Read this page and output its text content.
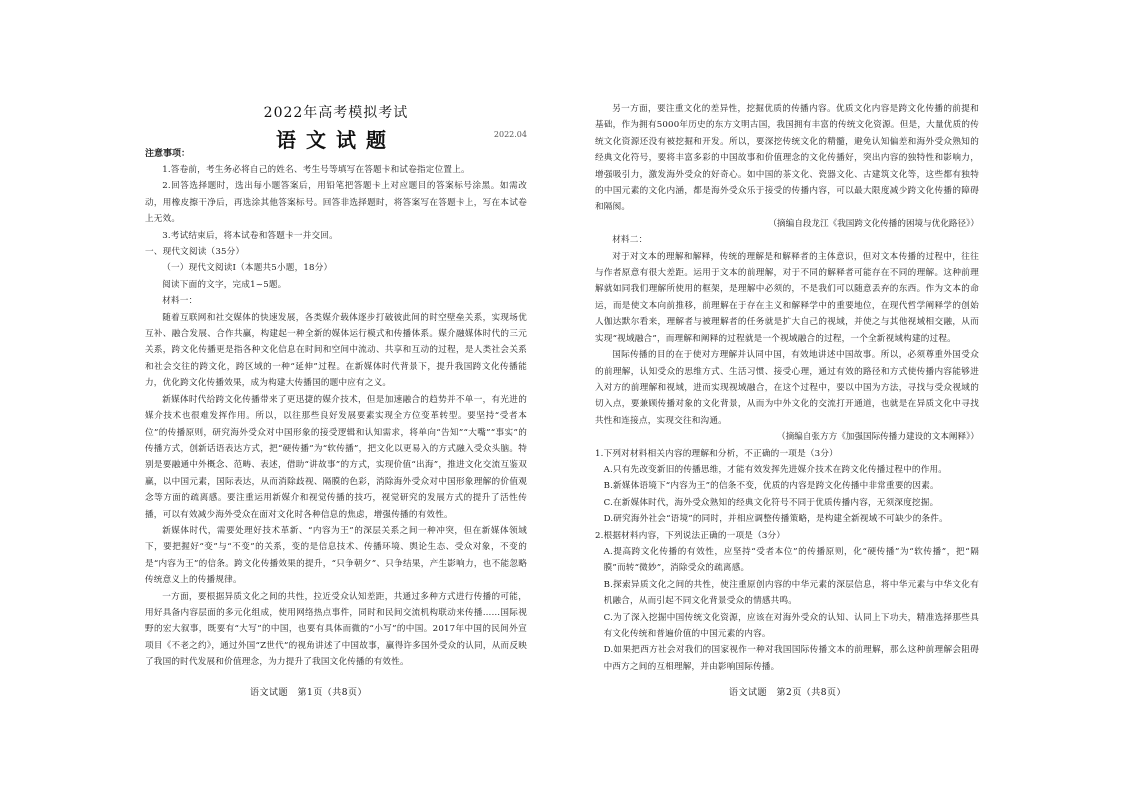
2022年高考模拟考试

语文试题	2022.04

注意事项：

1.答卷前，考生务必将自己的姓名、考生号等填写在答题卡和试卷指定位置上。

2.回答选择题时，选出每小题答案后，用铅笔把答题卡上对应题目的答案标号涂黑。如需改动，用橡皮擦干净后，再选涂其他答案标号。回答非选择题时，将答案写在答题卡上，写在本试卷上无效。

3.考试结束后，将本试卷和答题卡一并交回。

一、现代文阅读（35分）

（一）现代文阅读Ⅰ（本题共5小题，18分）

阅读下面的文字，完成1~5题。

材料一：

随着互联网和社交媒体的快速发展，各类媒介载体逐步打破彼此间的时空壁垒关系，实现场优互补、融合发展、合作共赢，构建起一种全新的媒体运行模式和传播体系。媒介融媒体时代的三元关系，跨文化传播更是指各种文化信息在时间和空间中流动、共享和互动的过程，是人类社会关系和社会交往的跨文化，跨区域的一种“延伸”过程。在新媒体时代背景下，提升我国跨文化传播能力，优化跨文化传播效果，成为构建大传播国的题中应有之义。

新媒体时代给跨文化传播带来了更迅捷的媒介技术，但是加速融合的趋势并不单一，有光进的媒介技术也很难发挥作用。所以，以往那些良好发展要素实现全方位变革转型。要坚持“受者本位”的传播原则，研究海外受众对中国形象的接受逻辑和认知需求，将单向“告知”“大嘴”“事实”的传播方式，创新话语表达方式，把“硬传播”为“软传播”，把文化以更易入的方式融入受众头脑。特别是要融通中外概念、范畴、表述，借助“讲故事”的方式，实现价值“出海”，推进文化交流互鉴双赢，以中国元素，国际表达，从而消除歧视、隔膜的色彩，消除海外受众对中国形象理解的价值观念等方面的疏离感。要注重运用新媒介和视觉传播的技巧，视觉研究的发展方式的提升了活性传播，可以有效减少海外受众在面对文化时各种信息的焦虑，增强传播的有效性。

新媒体时代，需要处理好技术革新、“内容为王”的深层关系之间一种冲突，但在新媒体领域下，要把握好“变”与“不变”的关系，变的是信息技术、传播环境、舆论生态、受众对象，不变的是“内容为王”的信条。跨文化传播效果的提升，“只争朝夕”、只争结果，产生影响力，也不能忽略传统意义上的传播规律。

一方面，要根据异质文化之间的共性，拉近受众认知差距，共通过多种方式进行传播的可能，用好具备内容层面的多元化组成，使用网络热点事件，同时和民间交流机构联动来传播……国际视野的宏大叙事，既要有“大写”的中国，也要有具体而微的“小写”的中国。2017年中国的民间外宣项目《不老之约》，通过外国“Z世代”的视角讲述了中国故事，赢得许多国外受众的认同，从而反映了我国的时代发展和价值理念，为力提升了我国文化传播的有效性。

语文试题　第1页（共8页）

另一方面，要注重文化的差异性，挖掘优质的传播内容。优质文化内容是跨文化传播的前提和基础，作为拥有5000年历史的东方文明古国，我国拥有丰富的传统文化资源。但是，大量优质的传统文化资源还没有被挖掘和开发。所以，要深挖传统文化的精髓，避免认知偏差和海外受众熟知的经典文化符号，要将丰富多彩的中国故事和价值理念的文化传播好，突出内容的独特性和影响力，增强吸引力，激发海外受众的好奇心。如中国的茶文化、瓷器文化、古建筑文化等，这些都有独特的中国元素的文化内涵，都是海外受众乐于接受的传播内容，可以最大限度减少跨文化传播的障碍和隔阂。

（摘编自段龙江《我国跨文化传播的困境与优化路径》）

材料二：

对于对文本的理解和解释，传统的理解是和解释者的主体意识，但对文本传播的过程中，往往与作者原意有很大差距。运用于文本的前理解，对于不同的解释者可能存在不同的理解。这种前理解就如同我们理解所使用的框架，是理解中必须的，不是我们可以随意丢弃的东西。作为文本的命运，而是使文本向前推移，前理解在于存在主义和解释学中的重要地位，在现代哲学阐释学的创始人伽达默尔看来，理解者与被理解者的任务就是扩大自己的视域，并使之与其他视域相交融，从而实现“视域融合”，而理解和阐释的过程就是一个视域融合的过程，一个全新视域构建的过程。

国际传播的目的在于使对方理解并认同中国，有效地讲述中国故事。所以，必须尊重外国受众的前理解，认知受众的思维方式、生活习惯、接受心理，通过有效的路径和方式使传播内容能够进入对方的前理解和视域，进而实现视域融合，在这个过程中，要以中国为方法，寻找与受众视域的切入点，要兼顾传播对象的文化背景，从而为中外文化的交流打开通道，也就是在异质文化中寻找共性和连接点，实现交往和沟通。

（摘编自张方方《加强国际传播力建设的文本阐释》）

1.下列对材料相关内容的理解和分析，不正确的一项是（3分）

A.只有先改变新旧的传播思维，才能有效发挥先进媒介技术在跨文化传播过程中的作用。

B.新媒体语境下“内容为王”的信条不变，优质的内容是跨文化传播中非常重要的因素。

C.在新媒体时代，海外受众熟知的经典文化符号不同于优质传播内容，无须深度挖掘。

D.研究海外社会“语境”的同时，并相应调整传播策略，是构建全新视域不可缺少的条件。

2.根据材料内容，下列说法正确的一项是（3分）

A.提高跨文化传播的有效性，应坚持“受者本位”的传播原则，化“硬传播”为“软传播”，把“隔膜”而转“微妙”，消除受众的疏离感。

B.探索异质文化之间的共性，使注重原创内容的中华元素的深层信息，将中华元素与中华文化有机融合，从而引起不同文化背景受众的情感共鸣。

C.为了深入挖掘中国传统文化资源，应该在对海外受众的认知、认同上下功夫，精准选择那些具有文化传统和普遍价值的中国元素的内容。

D.如果把西方社会对我们的国家视作一种对我国国际传播文本的前理解，那么这种前理解会阻碍中西方之间的互相理解，并由影响国际传播。

语文试题　第2页（共8页）
